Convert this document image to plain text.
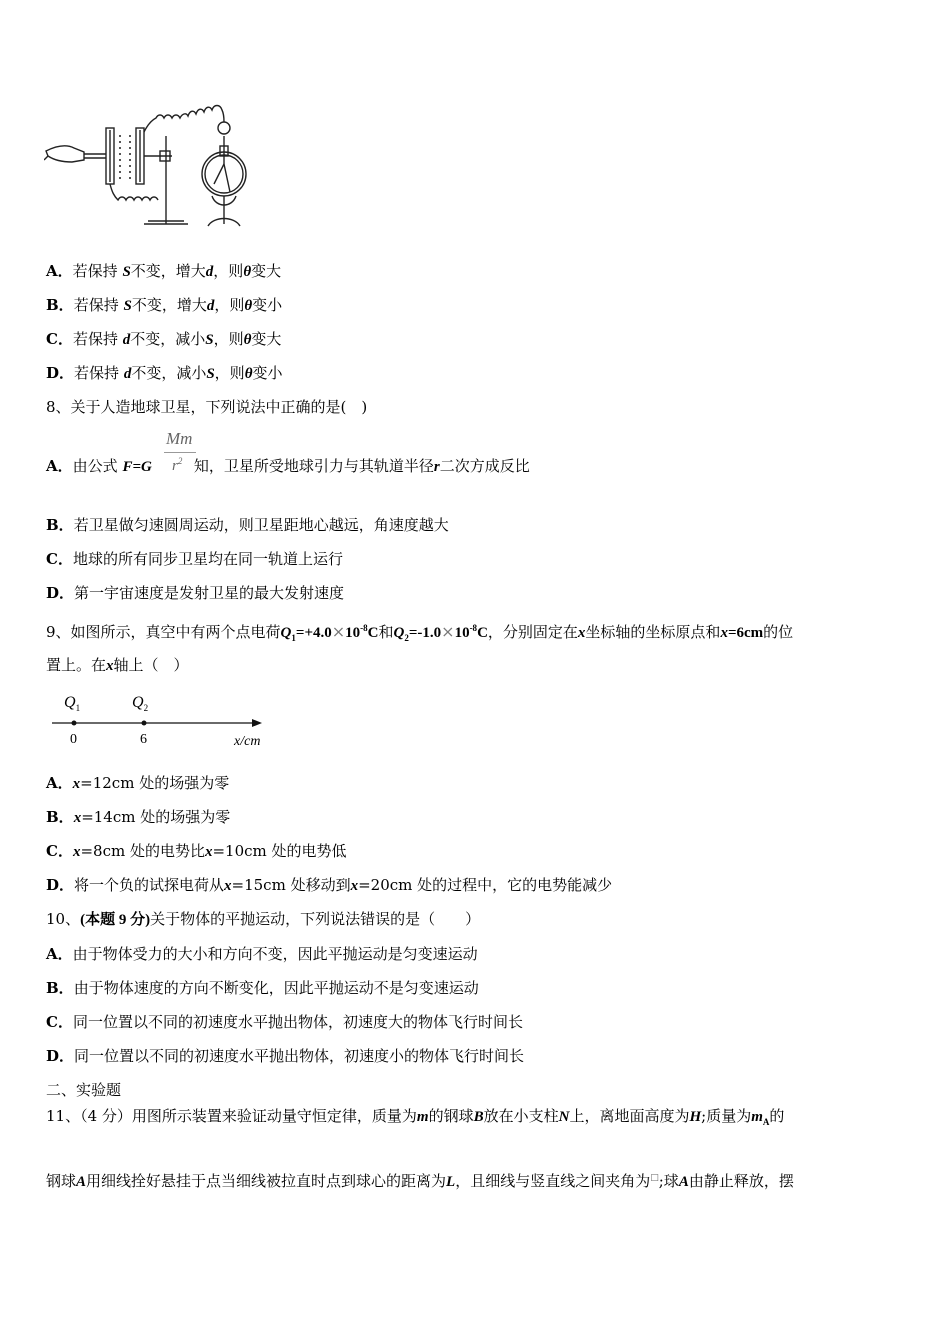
A．若保持 S不变，增大d，则θ变大
B．若保持 S不变，增大d，则θ变小
C．若保持 d不变，减小S，则θ变大
D．若保持 d不变，减小S，则θ变小
8、关于人造地球卫星，下列说法中正确的是(　)
Mm
$r^2$
A．由公式 F=G	知，卫星所受地球引力与其轨道半径r二次方成反比
B．若卫星做匀速圆周运动，则卫星距地心越远，角速度越大
C．地球的所有同步卫星均在同一轨道上运行
D．第一宇宙速度是发射卫星的最大发射速度
9、如图所示，真空中有两个点电荷$Q_1=+4.0\times 10^{-8}C$和$Q_2=-1.0\times 10^{-8}C$，分别固定在x坐标轴的坐标原点和x=6cm的位
置上。在x轴上（　）
$Q_1$	$Q_2$
0	6	x/cm
A．x=12cm 处的场强为零
B．x=14cm 处的场强为零
C．x=8cm 处的电势比x=10cm 处的电势低
D．将一个负的试探电荷从x=15cm 处移动到x=20cm 处的过程中，它的电势能减少
10、(本题 9 分)关于物体的平抛运动，下列说法错误的是（　　）
A．由于物体受力的大小和方向不变，因此平抛运动是匀变速运动
B．由于物体速度的方向不断变化，因此平抛运动不是匀变速运动
C．同一位置以不同的初速度水平抛出物体，初速度大的物体飞行时间长
D．同一位置以不同的初速度水平抛出物体，初速度小的物体飞行时间长
二、实验题
11、（4 分）用图所示装置来验证动量守恒定律，质量为m的钢球B放在小支柱N上，离地面高度为H;质量为$m_A$的
钢球A用细线拴好悬挂于点当细线被拉直时点到球心的距离为L，且细线与竖直线之间夹角为□;球A由静止释放，摆
